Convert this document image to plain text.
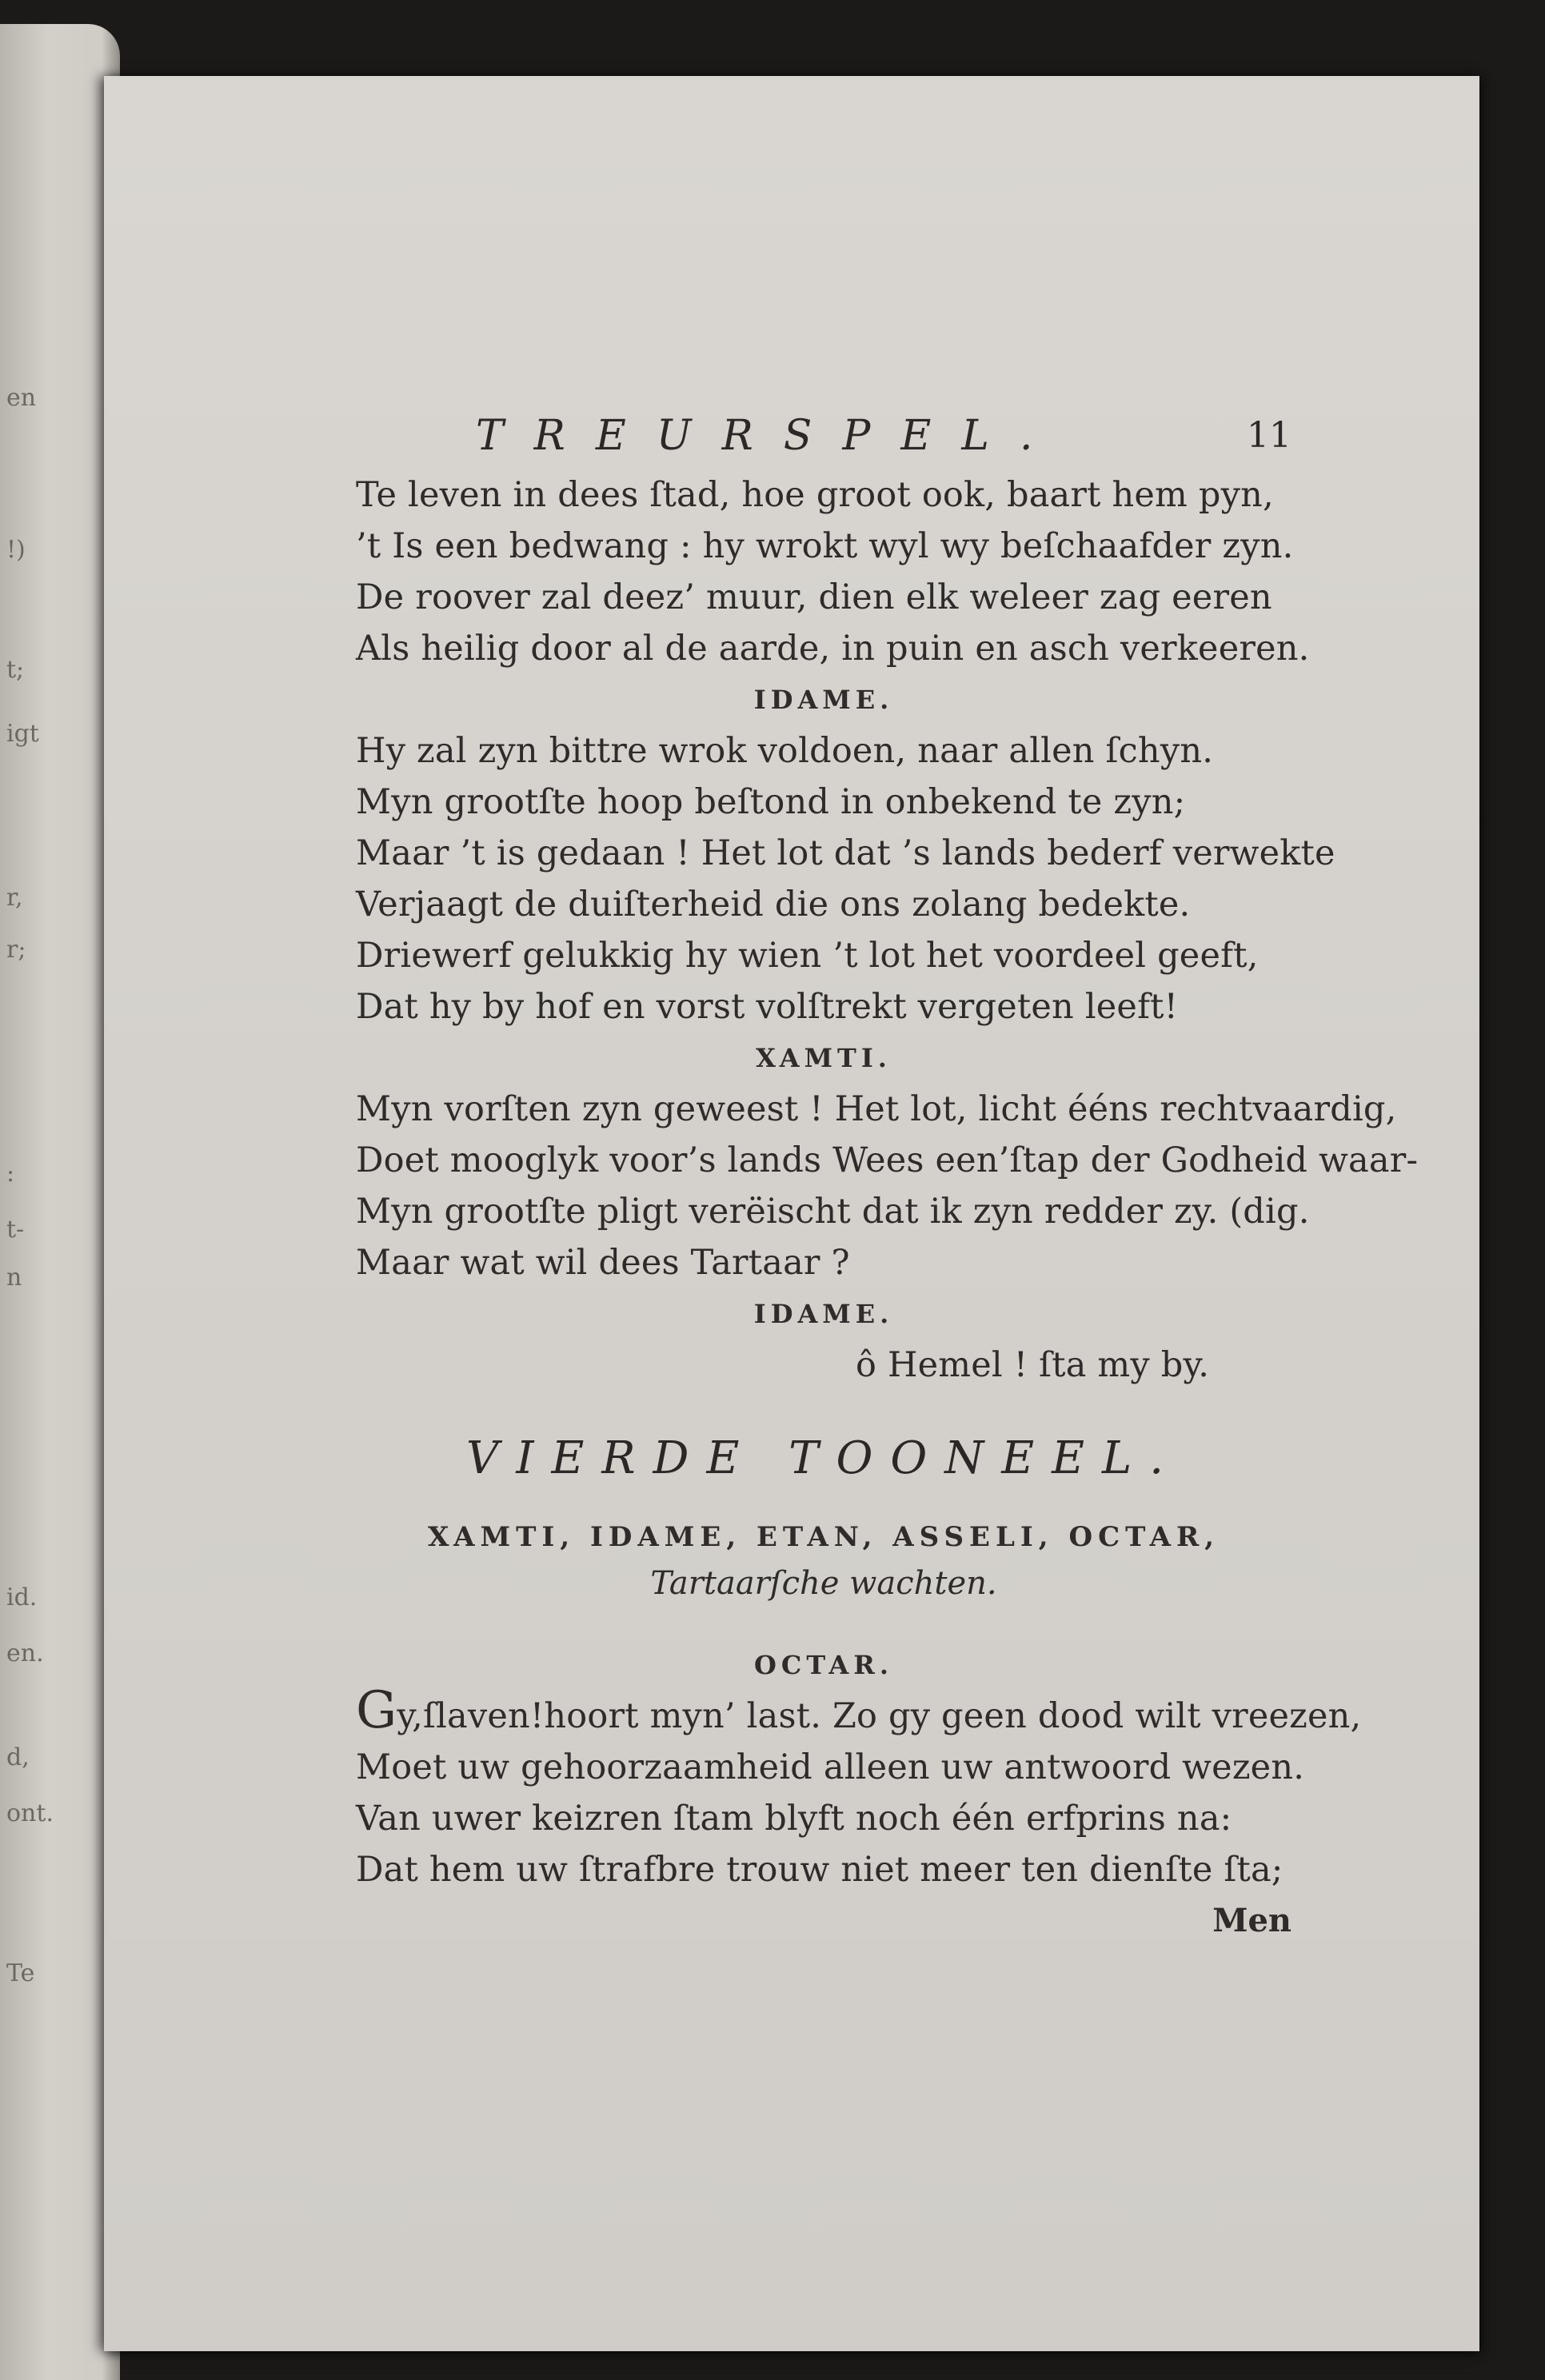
en
!)
t;
igt
r,
r;
:
t-
n
id.
en.
d,
ont.
Te
TREURSPEL.	11
Te leven in dees ſtad, hoe groot ook, baart hem pyn,
’t Is een bedwang : hy wrokt wyl wy beſchaafder zyn.
De roover zal deez’ muur, dien elk weleer zag eeren
Als heilig door al de aarde, in puin en asch verkeeren.
IDAME.
Hy zal zyn bittre wrok voldoen, naar allen ſchyn.
Myn grootſte hoop beſtond in onbekend te zyn;
Maar ’t is gedaan ! Het lot dat ’s lands bederf verwekte
Verjaagt de duiſterheid die ons zolang bedekte.
Driewerf gelukkig hy wien ’t lot het voordeel geeft,
Dat hy by hof en vorst volſtrekt vergeten leeft!
XAMTI.
Myn vorſten zyn geweest ! Het lot, licht ééns rechtvaardig,
Doet mooglyk voor’s lands Wees een’ſtap der Godheid waar-
Myn grootſte pligt verëischt dat ik zyn redder zy. (dig.
Maar wat wil dees Tartaar ?
IDAME.
ô Hemel ! ſta my by.
VIERDE TOONEEL.
XAMTI, IDAME, ETAN, ASSELI, OCTAR,
Tartaarſche wachten.
OCTAR.
Gy,ſlaven!hoort myn’ last. Zo gy geen dood wilt vreezen,
Moet uw gehoorzaamheid alleen uw antwoord wezen.
Van uwer keizren ſtam blyft noch één erfprins na:
Dat hem uw ſtrafbre trouw niet meer ten dienſte ſta;
Men
